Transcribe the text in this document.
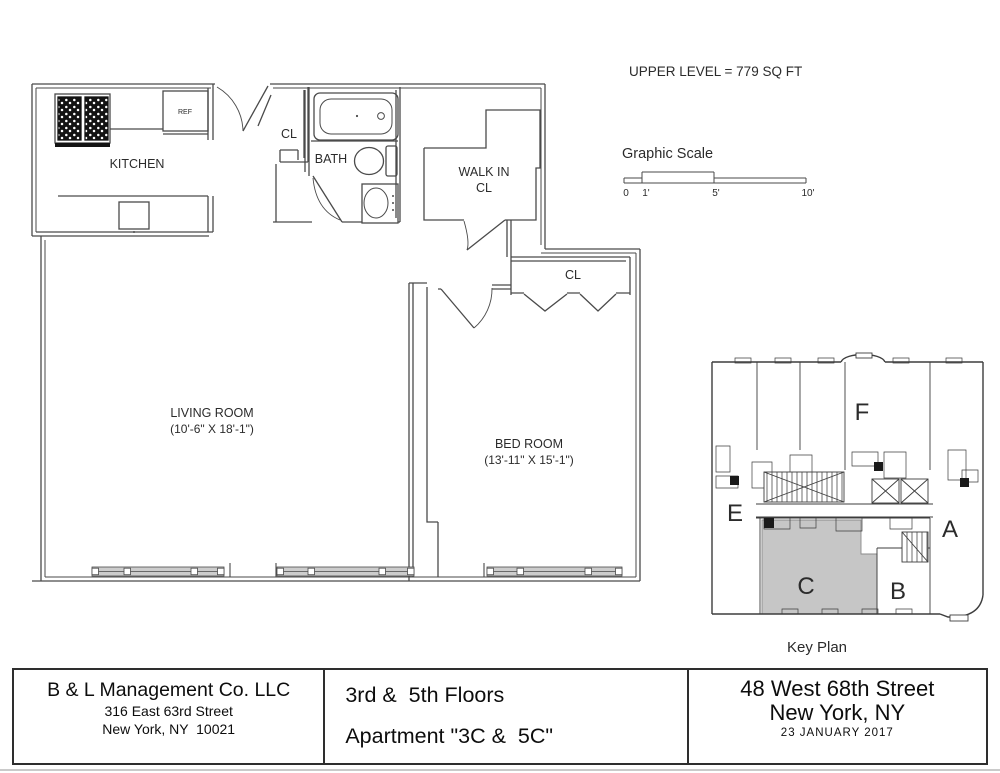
KITCHEN
REF
BATH
CL
WALK IN
CL
CL
LIVING ROOM
(10'-6" X 18'-1")
BED ROOM
(13'-11" X 15'-1")
UPPER LEVEL = 779 SQ FT
Graphic Scale
0 1'	5'	10'
F
E
A
C	B
Key Plan
B & L Management Co. LLC
316 East 63rd Street
New York, NY  10021
3rd &  5th Floors
Apartment "3C &  5C"
48 West 68th Street
New York, NY
23 JANUARY 2017
